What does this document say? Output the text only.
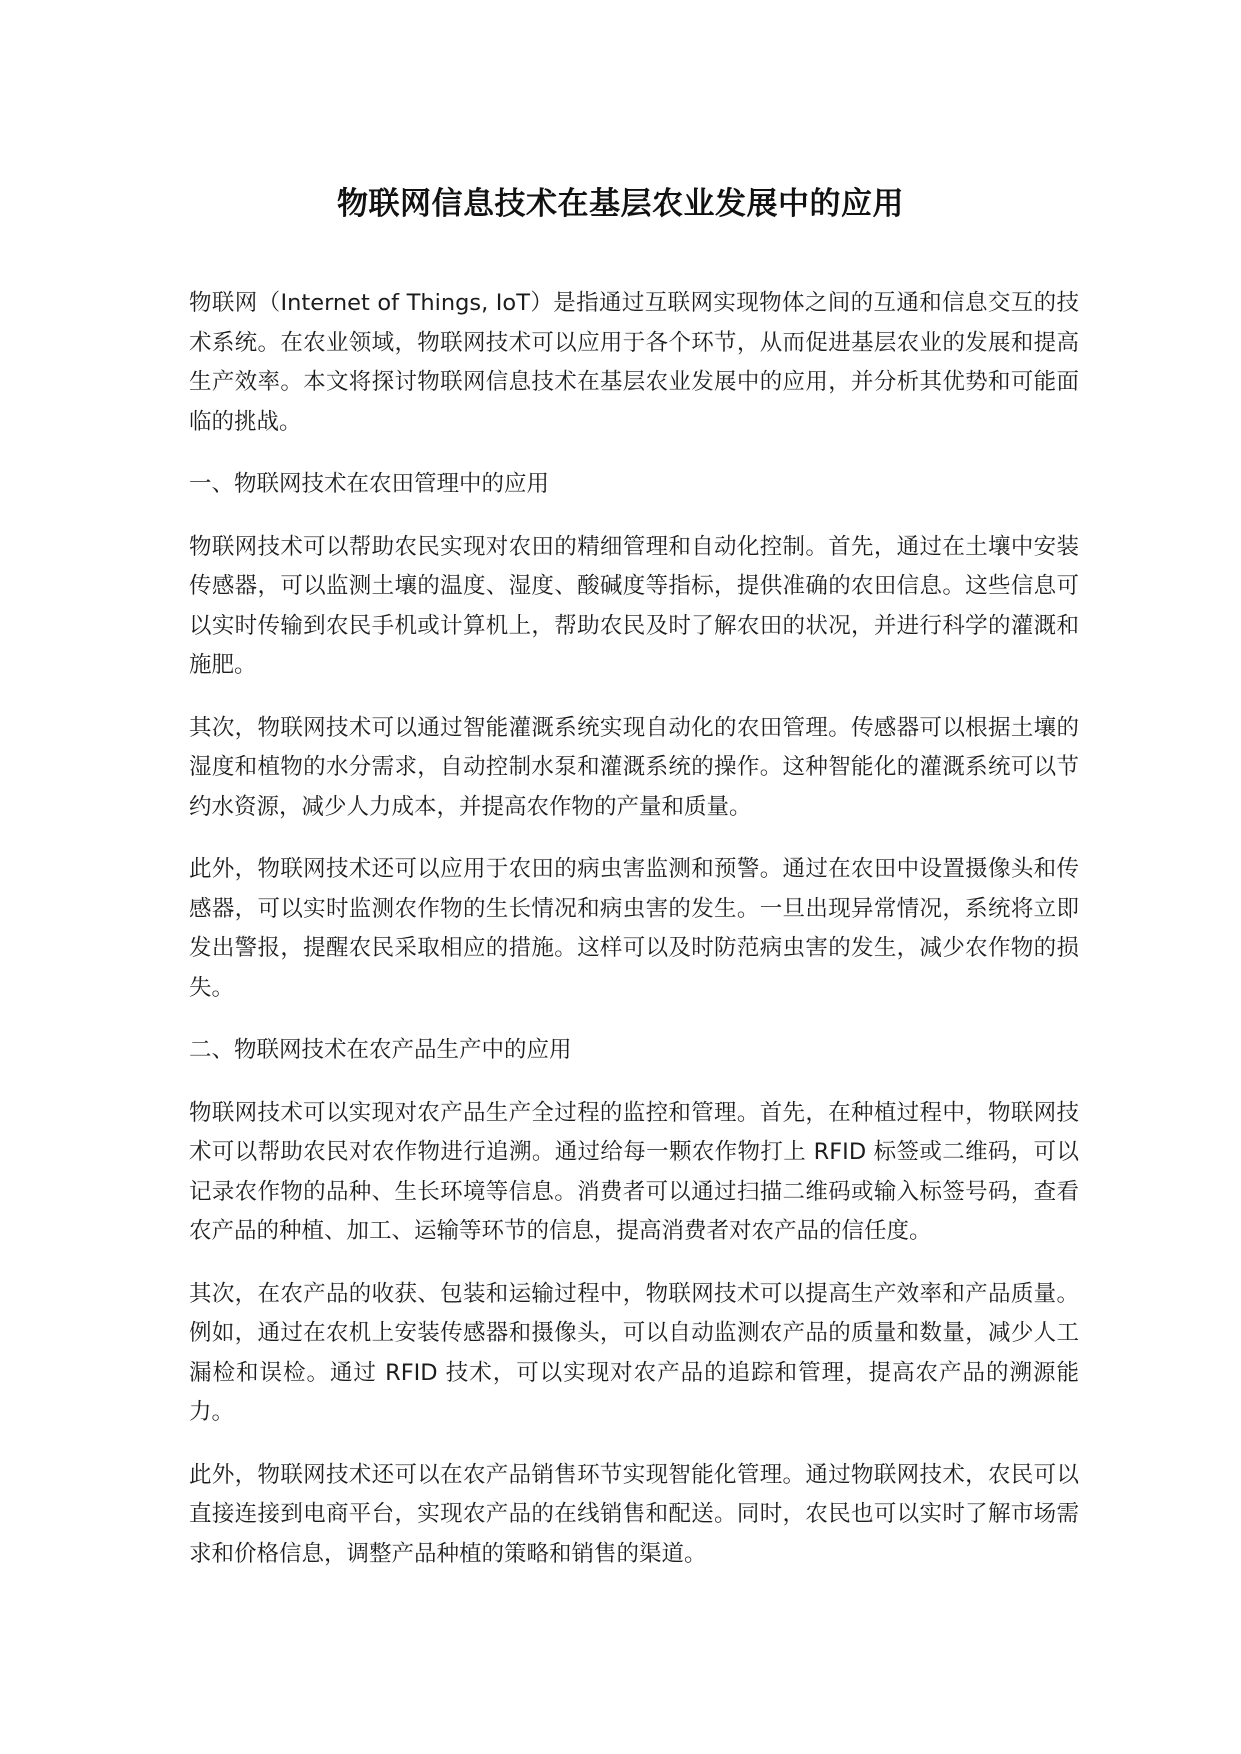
物联网信息技术在基层农业发展中的应用

物联网（Internet of Things, IoT）是指通过互联网实现物体之间的互通和信息交互的技术系统。在农业领域，物联网技术可以应用于各个环节，从而促进基层农业的发展和提高生产效率。本文将探讨物联网信息技术在基层农业发展中的应用，并分析其优势和可能面临的挑战。

一、物联网技术在农田管理中的应用

物联网技术可以帮助农民实现对农田的精细管理和自动化控制。首先，通过在土壤中安装传感器，可以监测土壤的温度、湿度、酸碱度等指标，提供准确的农田信息。这些信息可以实时传输到农民手机或计算机上，帮助农民及时了解农田的状况，并进行科学的灌溉和施肥。

其次，物联网技术可以通过智能灌溉系统实现自动化的农田管理。传感器可以根据土壤的湿度和植物的水分需求，自动控制水泵和灌溉系统的操作。这种智能化的灌溉系统可以节约水资源，减少人力成本，并提高农作物的产量和质量。

此外，物联网技术还可以应用于农田的病虫害监测和预警。通过在农田中设置摄像头和传感器，可以实时监测农作物的生长情况和病虫害的发生。一旦出现异常情况，系统将立即发出警报，提醒农民采取相应的措施。这样可以及时防范病虫害的发生，减少农作物的损失。

二、物联网技术在农产品生产中的应用

物联网技术可以实现对农产品生产全过程的监控和管理。首先，在种植过程中，物联网技术可以帮助农民对农作物进行追溯。通过给每一颗农作物打上 RFID 标签或二维码，可以记录农作物的品种、生长环境等信息。消费者可以通过扫描二维码或输入标签号码，查看农产品的种植、加工、运输等环节的信息，提高消费者对农产品的信任度。

其次，在农产品的收获、包装和运输过程中，物联网技术可以提高生产效率和产品质量。例如，通过在农机上安装传感器和摄像头，可以自动监测农产品的质量和数量，减少人工漏检和误检。通过 RFID 技术，可以实现对农产品的追踪和管理，提高农产品的溯源能力。

此外，物联网技术还可以在农产品销售环节实现智能化管理。通过物联网技术，农民可以直接连接到电商平台，实现农产品的在线销售和配送。同时，农民也可以实时了解市场需求和价格信息，调整产品种植的策略和销售的渠道。
